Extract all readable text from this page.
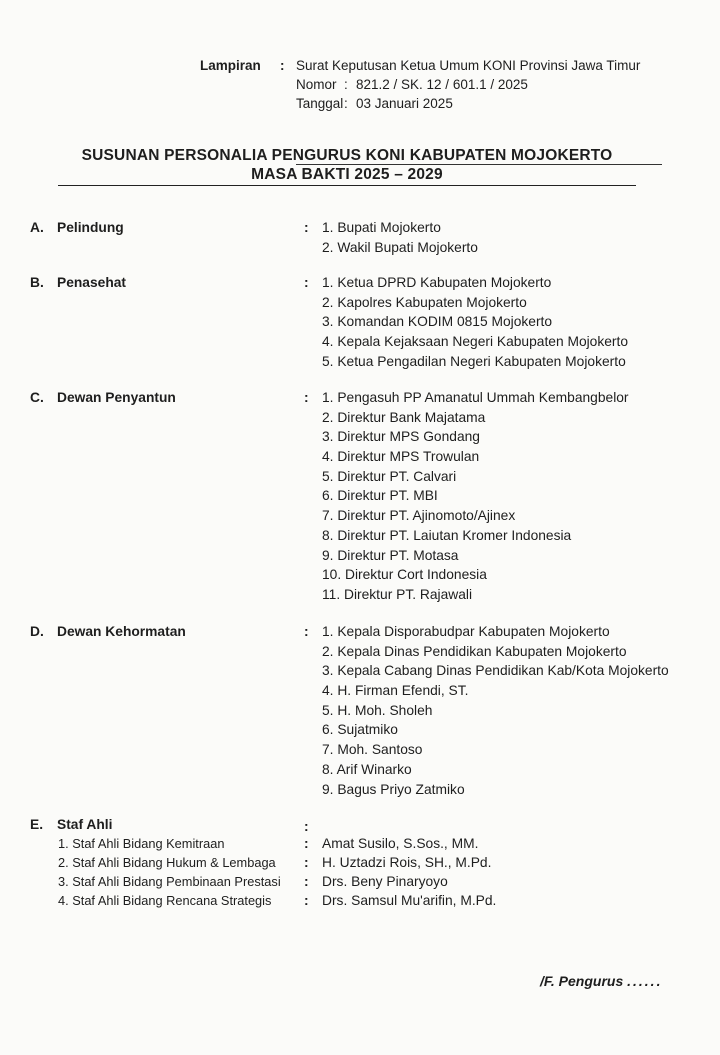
Lampiran	: Surat Keputusan Ketua Umum KONI Provinsi Jawa Timur
Nomor : 821.2 / SK. 12 / 601.1 / 2025
Tanggal : 03 Januari 2025
SUSUNAN PERSONALIA PENGURUS KONI KABUPATEN MOJOKERTO
MASA BAKTI 2025 – 2029
A. Pelindung	: 1. Bupati Mojokerto
2. Wakil Bupati Mojokerto
B. Penasehat	: 1. Ketua DPRD Kabupaten Mojokerto
2. Kapolres Kabupaten Mojokerto
3. Komandan KODIM 0815 Mojokerto
4. Kepala Kejaksaan Negeri Kabupaten Mojokerto
5. Ketua Pengadilan Negeri Kabupaten Mojokerto
C. Dewan Penyantun	: 1. Pengasuh PP Amanatul Ummah Kembangbelor
2. Direktur Bank Majatama
3. Direktur MPS Gondang
4. Direktur MPS Trowulan
5. Direktur PT. Calvari
6. Direktur PT. MBI
7. Direktur PT. Ajinomoto/Ajinex
8. Direktur PT. Laiutan Kromer Indonesia
9. Direktur PT. Motasa
10. Direktur Cort Indonesia
11. Direktur PT. Rajawali
D. Dewan Kehormatan	: 1. Kepala Disporabudpar Kabupaten Mojokerto
2. Kepala Dinas Pendidikan Kabupaten Mojokerto
3. Kepala Cabang Dinas Pendidikan Kab/Kota Mojokerto
4. H. Firman Efendi, ST.
5. H. Moh. Sholeh
6. Sujatmiko
7. Moh. Santoso
8. Arif Winarko
9. Bagus Priyo Zatmiko
E. Staf Ahli	:
1. Staf Ahli Bidang Kemitraan	: Amat Susilo, S.Sos., MM.
2. Staf Ahli Bidang Hukum & Lembaga	: H. Uztadzi Rois, SH., M.Pd.
3. Staf Ahli Bidang Pembinaan Prestasi	: Drs. Beny Pinaryoyo
4. Staf Ahli Bidang Rencana Strategis	: Drs. Samsul Mu'arifin, M.Pd.
/F. Pengurus ......
